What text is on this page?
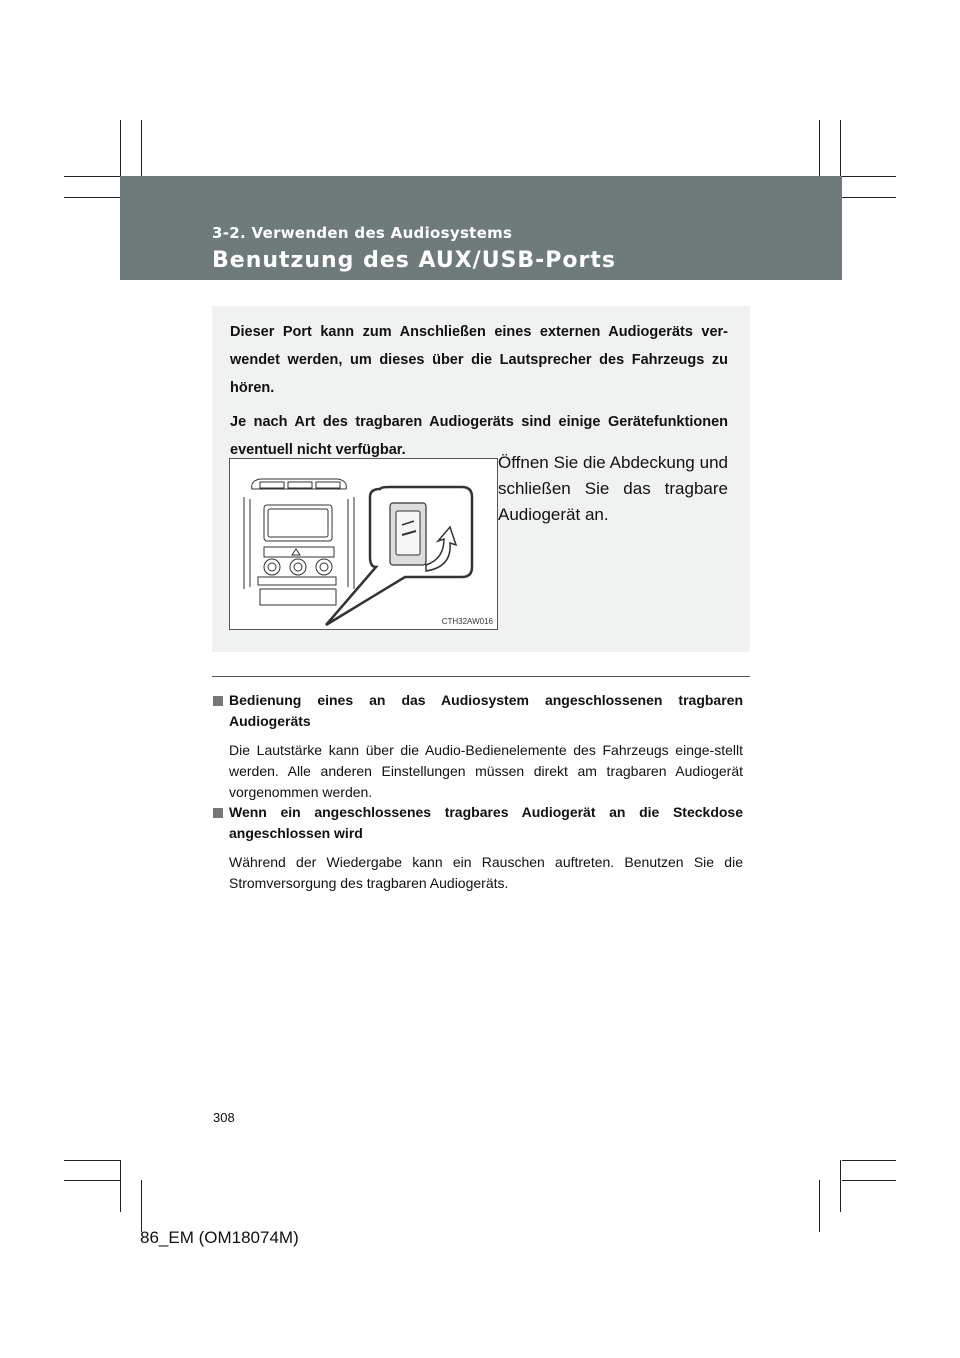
3-2. Verwenden des Audiosystems
Benutzung des AUX/USB-Ports

Dieser Port kann zum Anschließen eines externen Audiogeräts ver-wendet werden, um dieses über die Lautsprecher des Fahrzeugs zu hören.

Je nach Art des tragbaren Audiogeräts sind einige Gerätefunktionen eventuell nicht verfügbar.

CTH32AW016
Öffnen Sie die Abdeckung und schließen Sie das tragbare Audiogerät an.
Bedienung eines an das Audiosystem angeschlossenen tragbaren Audiogeräts
Die Lautstärke kann über die Audio-Bedienelemente des Fahrzeugs einge-stellt werden. Alle anderen Einstellungen müssen direkt am tragbaren Audiogerät vorgenommen werden.
Wenn ein angeschlossenes tragbares Audiogerät an die Steckdose angeschlossen wird
Während der Wiedergabe kann ein Rauschen auftreten. Benutzen Sie die Stromversorgung des tragbaren Audiogeräts.
308
86_EM (OM18074M)
